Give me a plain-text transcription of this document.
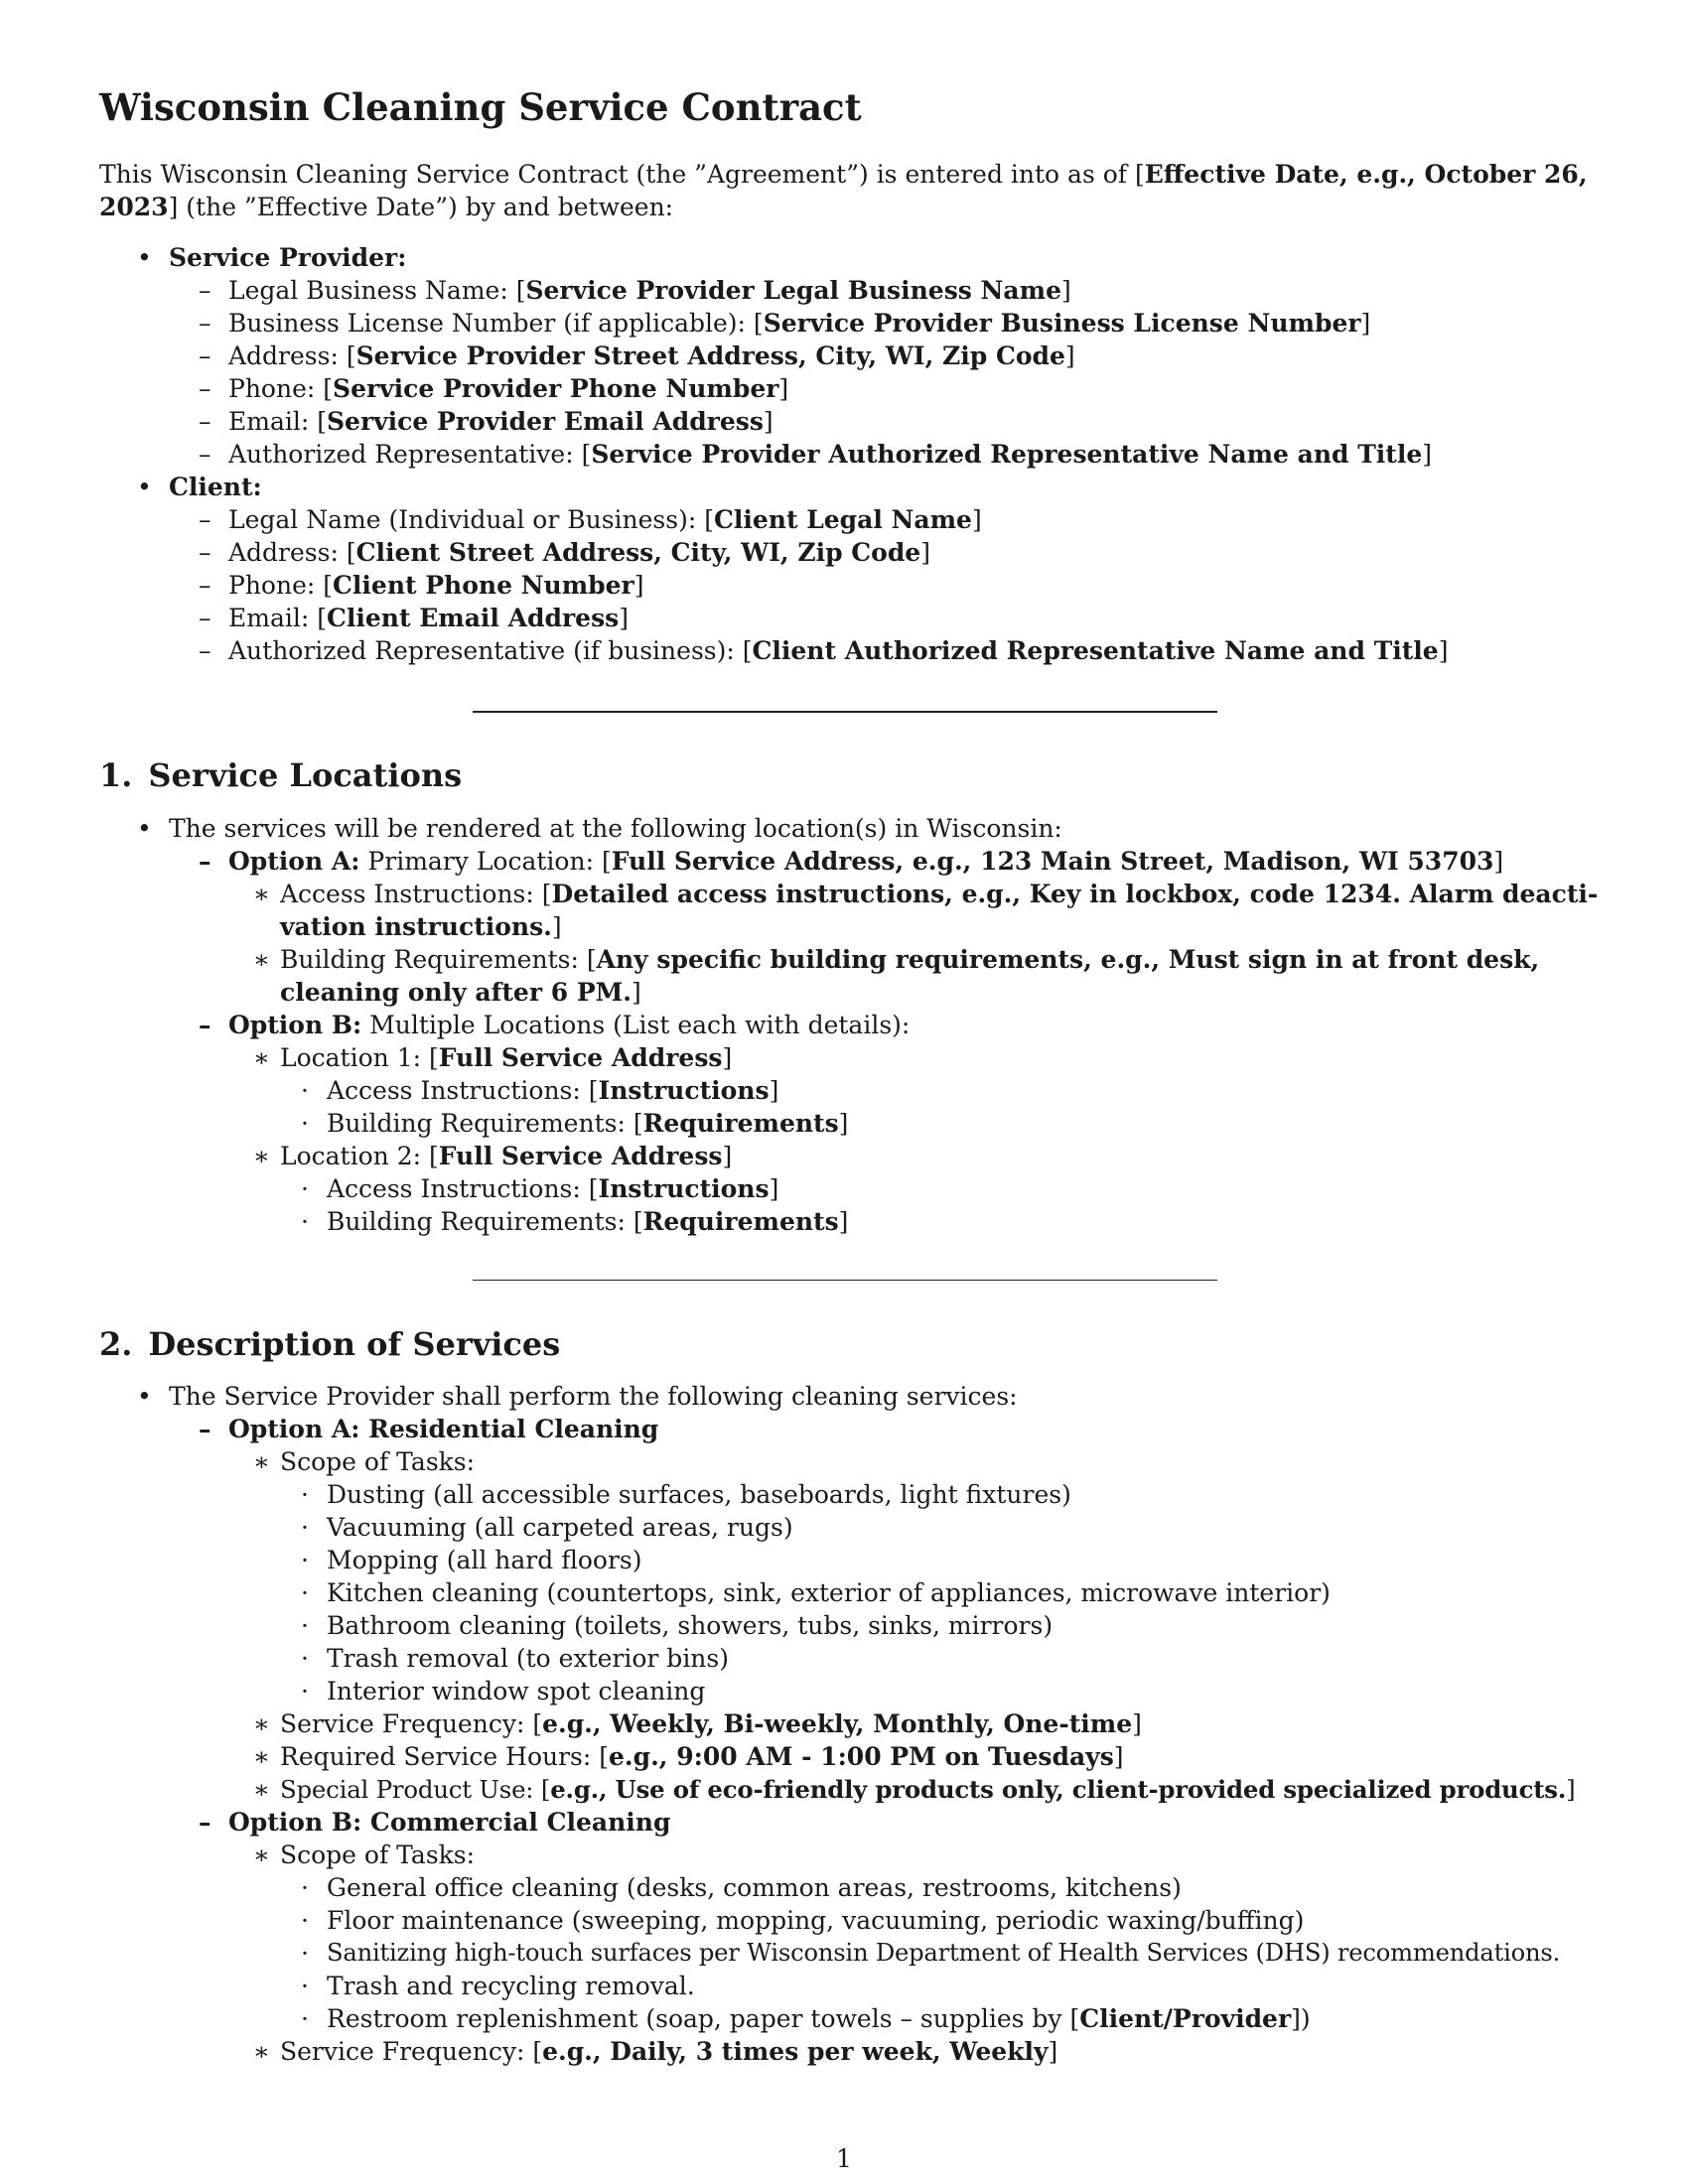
Wisconsin Cleaning Service Contract
This Wisconsin Cleaning Service Contract (the ”Agreement”) is entered into as of [Effective Date, e.g., October 26,
2023] (the ”Effective Date”) by and between:
• Service Provider:
– Legal Business Name: [Service Provider Legal Business Name]
– Business License Number (if applicable): [Service Provider Business License Number]
– Address: [Service Provider Street Address, City, WI, Zip Code]
– Phone: [Service Provider Phone Number]
– Email: [Service Provider Email Address]
– Authorized Representative: [Service Provider Authorized Representative Name and Title]
• Client:
– Legal Name (Individual or Business): [Client Legal Name]
– Address: [Client Street Address, City, WI, Zip Code]
– Phone: [Client Phone Number]
– Email: [Client Email Address]
– Authorized Representative (if business): [Client Authorized Representative Name and Title]
1. Service Locations
• The services will be rendered at the following location(s) in Wisconsin:
– Option A: Primary Location: [Full Service Address, e.g., 123 Main Street, Madison, WI 53703]
∗ Access Instructions: [Detailed access instructions, e.g., Key in lockbox, code 1234. Alarm deacti-
vation instructions.]
∗ Building Requirements: [Any specific building requirements, e.g., Must sign in at front desk,
cleaning only after 6 PM.]
– Option B: Multiple Locations (List each with details):
∗ Location 1: [Full Service Address]
· Access Instructions: [Instructions]
· Building Requirements: [Requirements]
∗ Location 2: [Full Service Address]
· Access Instructions: [Instructions]
· Building Requirements: [Requirements]
2. Description of Services
• The Service Provider shall perform the following cleaning services:
– Option A: Residential Cleaning
∗ Scope of Tasks:
· Dusting (all accessible surfaces, baseboards, light fixtures)
· Vacuuming (all carpeted areas, rugs)
· Mopping (all hard floors)
· Kitchen cleaning (countertops, sink, exterior of appliances, microwave interior)
· Bathroom cleaning (toilets, showers, tubs, sinks, mirrors)
· Trash removal (to exterior bins)
· Interior window spot cleaning
∗ Service Frequency: [e.g., Weekly, Bi-weekly, Monthly, One-time]
∗ Required Service Hours: [e.g., 9:00 AM - 1:00 PM on Tuesdays]
∗ Special Product Use: [e.g., Use of eco-friendly products only, client-provided specialized products.]
– Option B: Commercial Cleaning
∗ Scope of Tasks:
· General office cleaning (desks, common areas, restrooms, kitchens)
· Floor maintenance (sweeping, mopping, vacuuming, periodic waxing/buffing)
· Sanitizing high-touch surfaces per Wisconsin Department of Health Services (DHS) recommendations.
· Trash and recycling removal.
· Restroom replenishment (soap, paper towels – supplies by [Client/Provider])
∗ Service Frequency: [e.g., Daily, 3 times per week, Weekly]
1
